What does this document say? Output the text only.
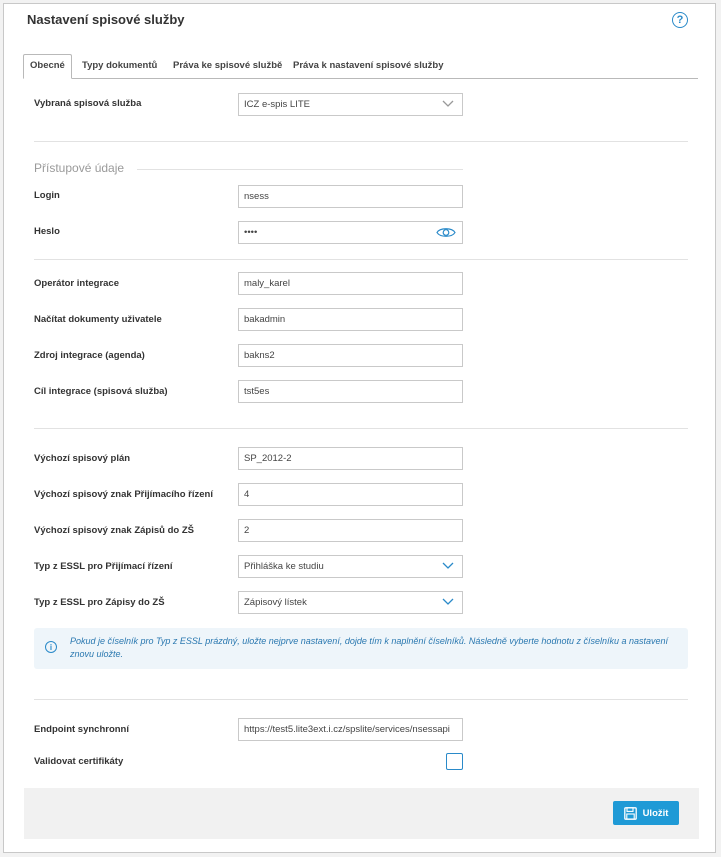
Nastavení spisové služby	?
Obecné	Typy dokumentů Práva ke spisové službě Práva k nastavení spisové služby
Vybraná spisová služba	ICZ e-spis LITE
Přístupové údaje
Login	nsess
Heslo	••••
Operátor integrace	maly_karel
Načítat dokumenty uživatele	bakadmin
Zdroj integrace (agenda)	bakns2
Cíl integrace (spisová služba)	tst5es
Výchozí spisový plán	SP_2012-2
Výchozí spisový znak Přijímacího řízení	4
Výchozí spisový znak Zápisů do ZŠ	2
Typ z ESSL pro Přijímací řízení	Přihláška ke studiu
Typ z ESSL pro Zápisy do ZŠ	Zápisový lístek
i
Pokud je číselník pro Typ z ESSL prázdný, uložte nejprve nastavení, dojde tím k naplnění číselníků. Následně vyberte hodnotu z číselníku a nastavení znovu uložte.
Endpoint synchronní	https://test5.lite3ext.i.cz/spslite/services/nsessapi
Validovat certifikáty
Uložit
